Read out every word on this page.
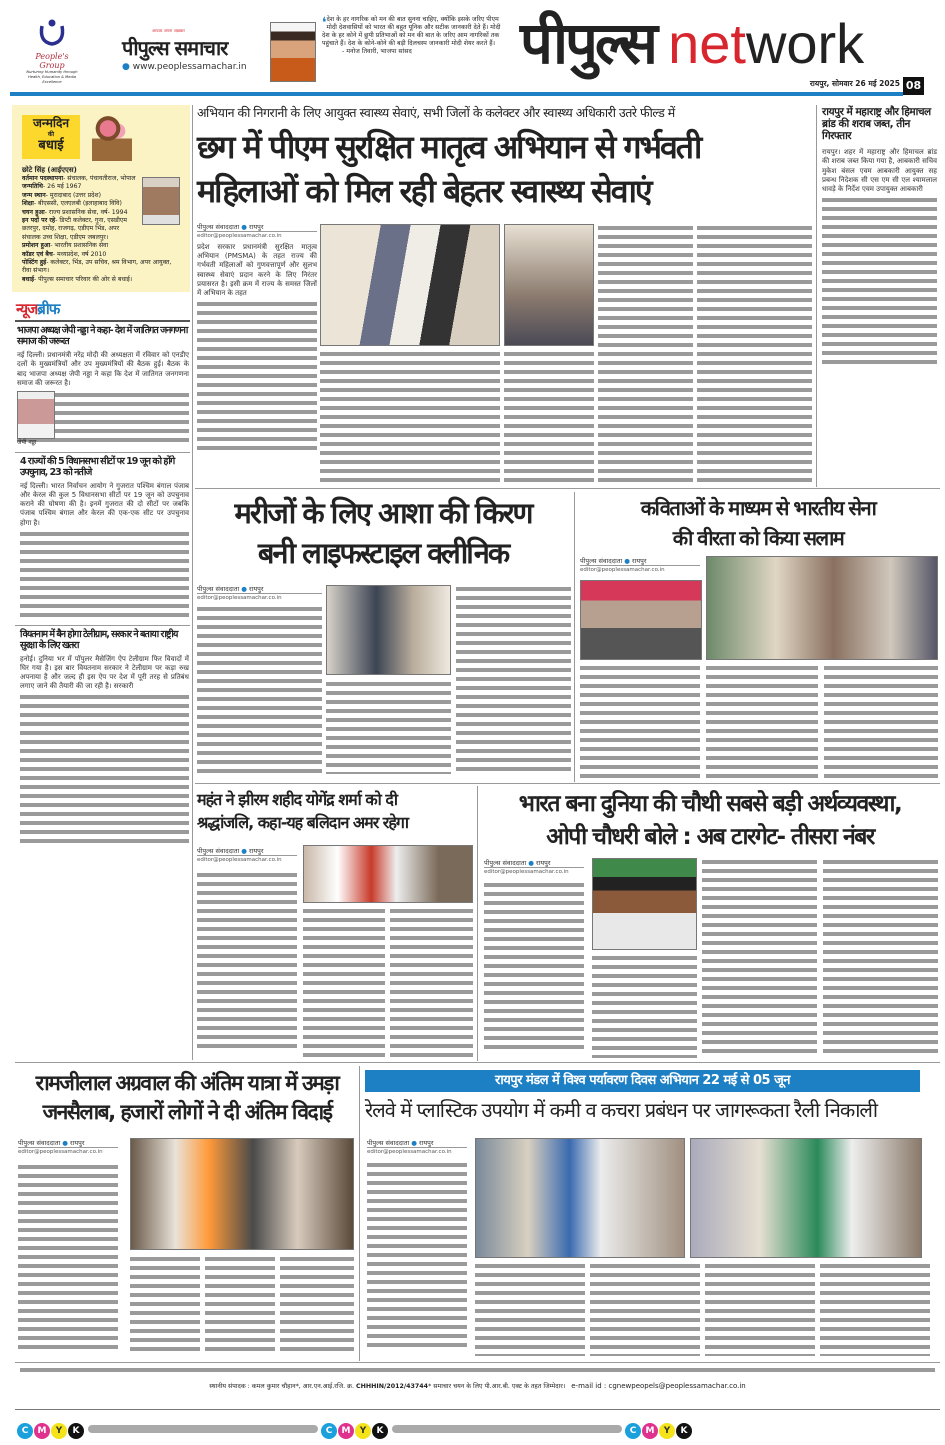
People's Group
Nurturing Humanity through Health, Education & Media Excellence
आपका अपना अख़बार
पीपुल्स समाचार
● www.peoplessamachar.in
❛ देश के हर नागरिक को मन की बात सुनना चाहिए, क्योंकि इसके जरिए पीएम मोदी देशवासियों को भारत की बहुत यूनिक और सटीक जानकारी देते हैं। मोदी देश के हर कोने में छुपी प्रतिभाओं को मन की बात के जरिए आम नागरिकों तक पहुंचाते हैं। देश के कोने-कोने की बड़ी दिलचस्प जानकारी मोदी शेयर करते हैं। - मनोज तिवारी, भाजपा सांसद	पीपुल्स network
रायपुर, सोमवार 26 मई 2025 08
जन्मदिन
की
बधाई
छोटे सिंह (आईएएस)
वर्तमान पदस्थापना- संचालक, पंचायतीराज, भोपाल
जन्मतिथि- 26 मई 1967
जन्म स्थान- मुरादाबाद (उत्तर प्रदेश)
शिक्षा- बीएससी, एलएलबी (इलाहाबाद विवि)
चयन हुआ- राज्य प्रशासनिक सेवा, वर्ष- 1994
इन पदों पर रहे- डिप्टी कलेक्टर, गुना, एसडीएम छतरपुर, दमोह, राजगढ़, एडीएम भिंड, अपर संचालक उच्च शिक्षा, एडीएम जबलपुर।
प्रमोशन हुआ- भारतीय प्रशासनिक सेवा
कॉडर एवं बैच- मध्यप्रदेश, वर्ष 2010
पोस्टिंग हुई- कलेक्टर, भिंड, उप सचिव, श्रम विभाग, अपर आयुक्त, रीवा संभाग।
बधाई- पीपुल्स समाचार परिवार की ओर से बधाई।
न्यूजब्रीफ
भाजपा अध्यक्ष जेपी नड्डा ने कहा- देश में जातिगत जनगणना समाज की जरूरत
नई दिल्ली। प्रधानमंत्री नरेंद्र मोदी की अध्यक्षता में रविवार को एनडीए दलों के मुख्यमंत्रियों और उप मुख्यमंत्रियों की बैठक हुई। बैठक के बाद भाजपा अध्यक्ष जेपी नड्डा ने कहा कि देश में जातिगत जनगणना समाज की जरूरत है।
जेपी नड्डा
4 राज्यों की 5 विधानसभा सीटों पर 19 जून को होंगे उपचुनाव, 23 को नतीजे
नई दिल्ली। भारत निर्वाचन आयोग ने गुजरात पश्चिम बंगाल पंजाब और केरल की कुल 5 विधानसभा सीटों पर 19 जून को उपचुनाव कराने की घोषणा की है। इनमें गुजरात की दो सीटों पर जबकि पंजाब पश्चिम बंगाल और केरल की एक-एक सीट पर उपचुनाव होगा है।
वियतनाम में बैन होगा टेलीग्राम, सरकार ने बताया राष्ट्रीय सुरक्षा के लिए खतरा
हनोई। दुनिया भर में पॉपुलर मैसेजिंग ऐप टेलीग्राम फिर विवादों में घिर गया है। इस बार वियतनाम सरकार ने टेलीग्राम पर कड़ा रुख अपनाया है और जल्द ही इस ऐप पर देश में पूरी तरह से प्रतिबंध लगाए जाने की तैयारी की जा रही है। सरकारी
अभियान की निगरानी के लिए आयुक्त स्वास्थ्य सेवाएं, सभी जिलों के कलेक्टर और स्वास्थ्य अधिकारी उतरे फील्ड में
छग में पीएम सुरक्षित मातृत्व अभियान से गर्भवती
महिलाओं को मिल रही बेहतर स्वास्थ्य सेवाएं
पीपुल्स संवाददाता ● रायपुर
editor@peoplessamachar.co.in
प्रदेश सरकार प्रधानमंत्री सुरक्षित मातृत्व अभियान (PMSMA) के तहत राज्य की गर्भवती महिलाओं को गुणवत्तापूर्ण और सुलभ स्वास्थ्य सेवाएं प्रदान करने के लिए निरंतर प्रयासरत है। इसी क्रम में राज्य के समस्त जिलों में अभियान के तहत
रायपुर में महाराष्ट्र और हिमाचल ब्रांड की शराब जब्त, तीन गिरफ्तार
रायपुर। शहर में महाराष्ट्र और हिमाचल ब्रांड की शराब जब्त किया गया है, आबकारी सचिव मुकेश बंसल एवम आबकारी आयुक्त सह प्रबन्ध निदेशक सी एस एम सी एल श्यामलाल धावड़े के निर्देश एवम उपायुक्त आबकारी
मरीजों के लिए आशा की किरण
बनी लाइफस्टाइल क्लीनिक
पीपुल्स संवाददाता ● रायपुर
editor@peoplessamachar.co.in
कविताओं के माध्यम से भारतीय सेना
की वीरता को किया सलाम
पीपुल्स संवाददाता ● रायपुर
editor@peoplessamachar.co.in
महंत ने झीरम शहीद योगेंद्र शर्मा को दी
श्रद्धांजलि, कहा-यह बलिदान अमर रहेगा
पीपुल्स संवाददाता ● रायपुर
editor@peoplessamachar.co.in
भारत बना दुनिया की चौथी सबसे बड़ी अर्थव्यवस्था,
ओपी चौधरी बोले : अब टारगेट- तीसरा नंबर
पीपुल्स संवाददाता ● रायपुर
editor@peoplessamachar.co.in
रामजीलाल अग्रवाल की अंतिम यात्रा में उमड़ा
जनसैलाब, हजारों लोगों ने दी अंतिम विदाई
पीपुल्स संवाददाता ● रायपुर
editor@peoplessamachar.co.in
रायपुर मंडल में विश्व पर्यावरण दिवस अभियान 22 मई से 05 जून
रेलवे में प्लास्टिक उपयोग में कमी व कचरा प्रबंधन पर जागरूकता रैली निकाली
पीपुल्स संवाददाता ● रायपुर
editor@peoplessamachar.co.in
स्थानीय संपादक : कमल कुमार चौहान*, आर.एन.आई.रजि. क्र. CHHHIN/2012/43744* समाचार चयन के लिए पी.आर.बी. एक्ट के तहत जिम्मेदार। e-mail id : cgnewpeopels@peoplessamachar.co.in
C M Y K	C M Y K	C M Y K
